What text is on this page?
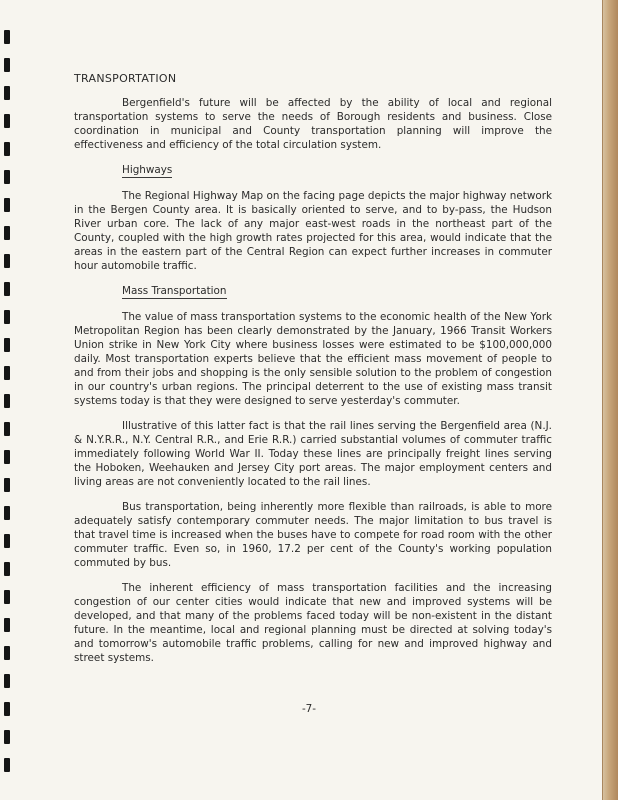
TRANSPORTATION

Bergenfield's future will be affected by the ability of local and regional transportation systems to serve the needs of Borough residents and business. Close coordination in municipal and County transportation planning will improve the effectiveness and efficiency of the total circulation system.

Highways

The Regional Highway Map on the facing page depicts the major highway network in the Bergen County area. It is basically oriented to serve, and to by-pass, the Hudson River urban core. The lack of any major east-west roads in the northeast part of the County, coupled with the high growth rates projected for this area, would indicate that the areas in the eastern part of the Central Region can expect further increases in commuter hour automobile traffic.

Mass Transportation

The value of mass transportation systems to the economic health of the New York Metropolitan Region has been clearly demonstrated by the January, 1966 Transit Workers Union strike in New York City where business losses were estimated to be $100,000,000 daily. Most transportation experts believe that the efficient mass movement of people to and from their jobs and shopping is the only sensible solution to the problem of congestion in our country's urban regions. The principal deterrent to the use of existing mass transit systems today is that they were designed to serve yesterday's commuter.

Illustrative of this latter fact is that the rail lines serving the Bergenfield area (N.J. & N.Y.R.R., N.Y. Central R.R., and Erie R.R.) carried substantial volumes of commuter traffic immediately following World War II. Today these lines are principally freight lines serving the Hoboken, Weehauken and Jersey City port areas. The major employment centers and living areas are not conveniently located to the rail lines.

Bus transportation, being inherently more flexible than railroads, is able to more adequately satisfy contemporary commuter needs. The major limitation to bus travel is that travel time is increased when the buses have to compete for road room with the other commuter traffic. Even so, in 1960, 17.2 per cent of the County's working population commuted by bus.

The inherent efficiency of mass transportation facilities and the increasing congestion of our center cities would indicate that new and improved systems will be developed, and that many of the problems faced today will be non-existent in the distant future. In the meantime, local and regional planning must be directed at solving today's and tomorrow's automobile traffic problems, calling for new and improved highway and street systems.

-7-
